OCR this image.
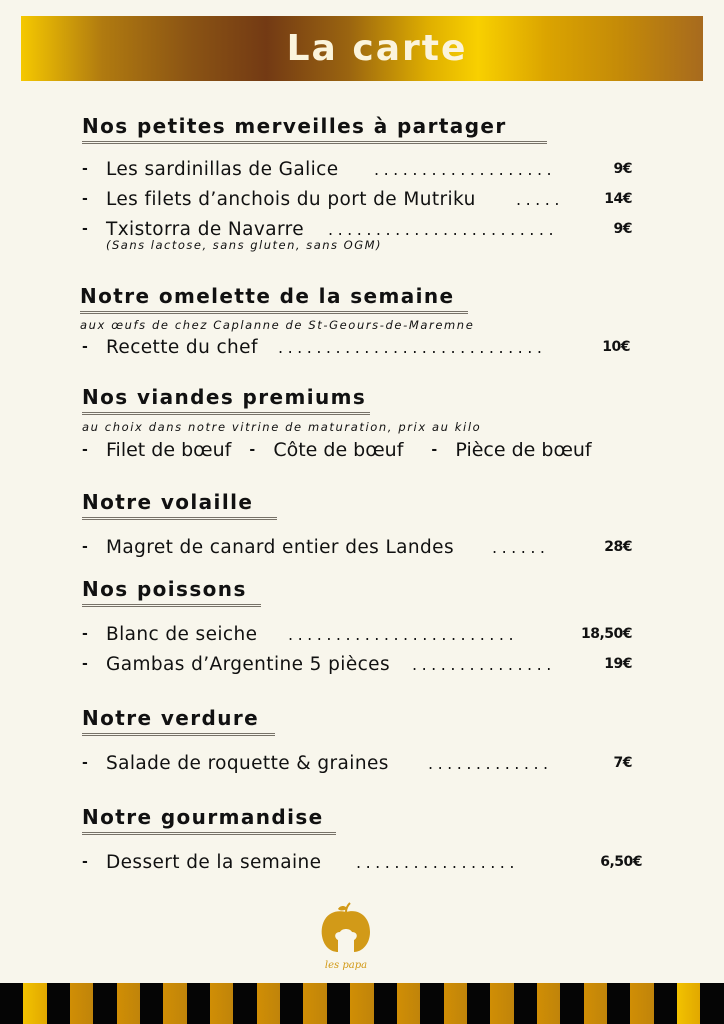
La carte
Nos petites merveilles à partager
- Les sardinillas de Galice ...................	9€
- Les filets d’anchois du port de Mutriku	.....	14€
- Txistorra de Navarre ........................	9€
(Sans lactose, sans gluten, sans OGM)
Notre omelette de la semaine
aux œufs de chez Caplanne de St-Geours-de-Maremne
- Recette du chef ............................	10€
Nos viandes premiums
au choix dans notre vitrine de maturation, prix au kilo
- Filet de bœuf - Côte de bœuf - Pièce de bœuf
Notre volaille
- Magret de canard entier des Landes ......	28€
Nos poissons
- Blanc de seiche ........................	18,50€
- Gambas d’Argentine 5 pièces ...............	19€
Notre verdure
- Salade de roquette & graines .............	7€
Notre gourmandise
- Dessert de la semaine .................	6,50€
les papa
